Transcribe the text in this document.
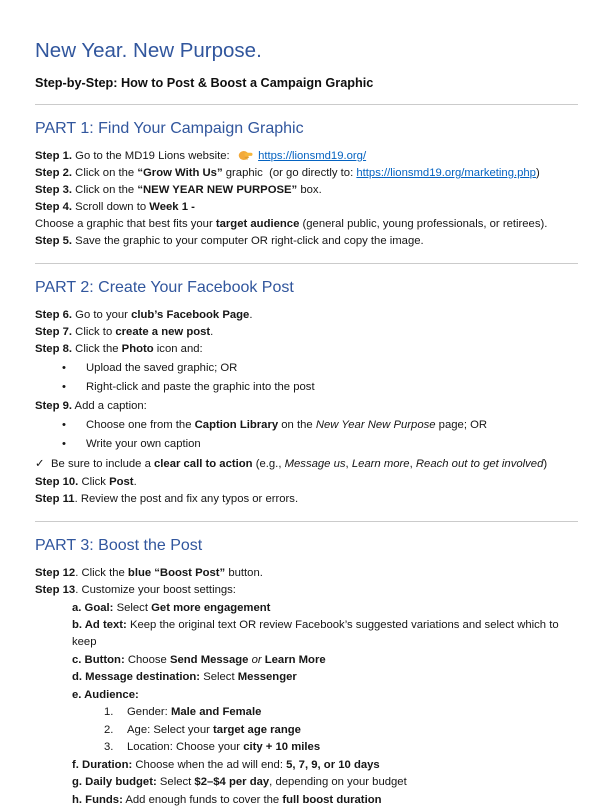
New Year. New Purpose.
Step-by-Step: How to Post & Boost a Campaign Graphic
PART 1: Find Your Campaign Graphic

Step 1. Go to the MD19 Lions website:   https://lionsmd19.org/

Step 2. Click on the “Grow With Us” graphic  (or go directly to: https://lionsmd19.org/marketing.php)

Step 3. Click on the “NEW YEAR NEW PURPOSE” box.

Step 4. Scroll down to Week 1 -

Choose a graphic that best fits your target audience (general public, young professionals, or retirees).

Step 5. Save the graphic to your computer OR right-click and copy the image.

PART 2: Create Your Facebook Post

Step 6. Go to your club’s Facebook Page.

Step 7. Click to create a new post.

Step 8. Click the Photo icon and:

• Upload the saved graphic; OR

• Right-click and paste the graphic into the post

Step 9. Add a caption:

• Choose one from the Caption Library on the New Year New Purpose page; OR

• Write your own caption

✓ Be sure to include a clear call to action (e.g., Message us, Learn more, Reach out to get involved)

Step 10. Click Post.

Step 11. Review the post and fix any typos or errors.

PART 3: Boost the Post

Step 12. Click the blue “Boost Post” button.

Step 13. Customize your boost settings:

a. Goal: Select Get more engagement

b. Ad text: Keep the original text OR review Facebook’s suggested variations and select which to keep

c. Button: Choose Send Message or Learn More

d. Message destination: Select Messenger

e. Audience:

1. Gender: Male and Female

2. Age: Select your target age range

3. Location: Choose your city + 10 miles

f. Duration: Choose when the ad will end: 5, 7, 9, or 10 days

g. Daily budget: Select $2–$4 per day, depending on your budget

h. Funds: Add enough funds to cover the full boost duration
